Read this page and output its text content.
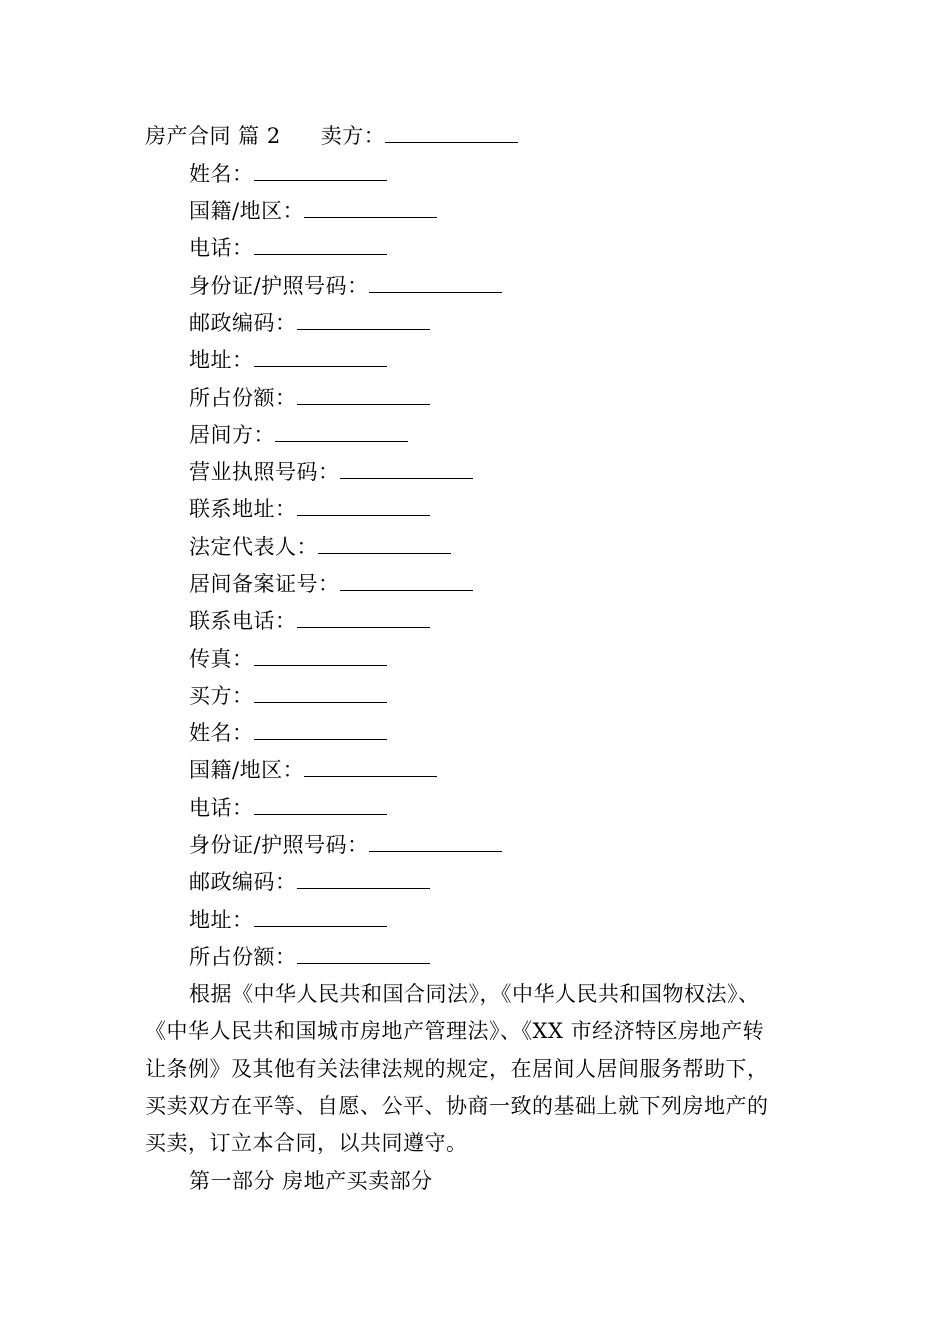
房产合同 篇 2 卖方：
姓名：
国籍/地区：
电话：
身份证/护照号码：
邮政编码：
地址：
所占份额：
居间方：
营业执照号码：
联系地址：
法定代表人：
居间备案证号：
联系电话：
传真：
买方：
姓名：
国籍/地区：
电话：
身份证/护照号码：
邮政编码：
地址：
所占份额：
根据《中华人民共和国合同法》，《中华人民共和国物权法》、
《中华人民共和国城市房地产管理法》、《XX 市经济特区房地产转
让条例》及其他有关法律法规的规定，在居间人居间服务帮助下，
买卖双方在平等、自愿、公平、协商一致的基础上就下列房地产的
买卖，订立本合同，以共同遵守。
第一部分 房地产买卖部分
